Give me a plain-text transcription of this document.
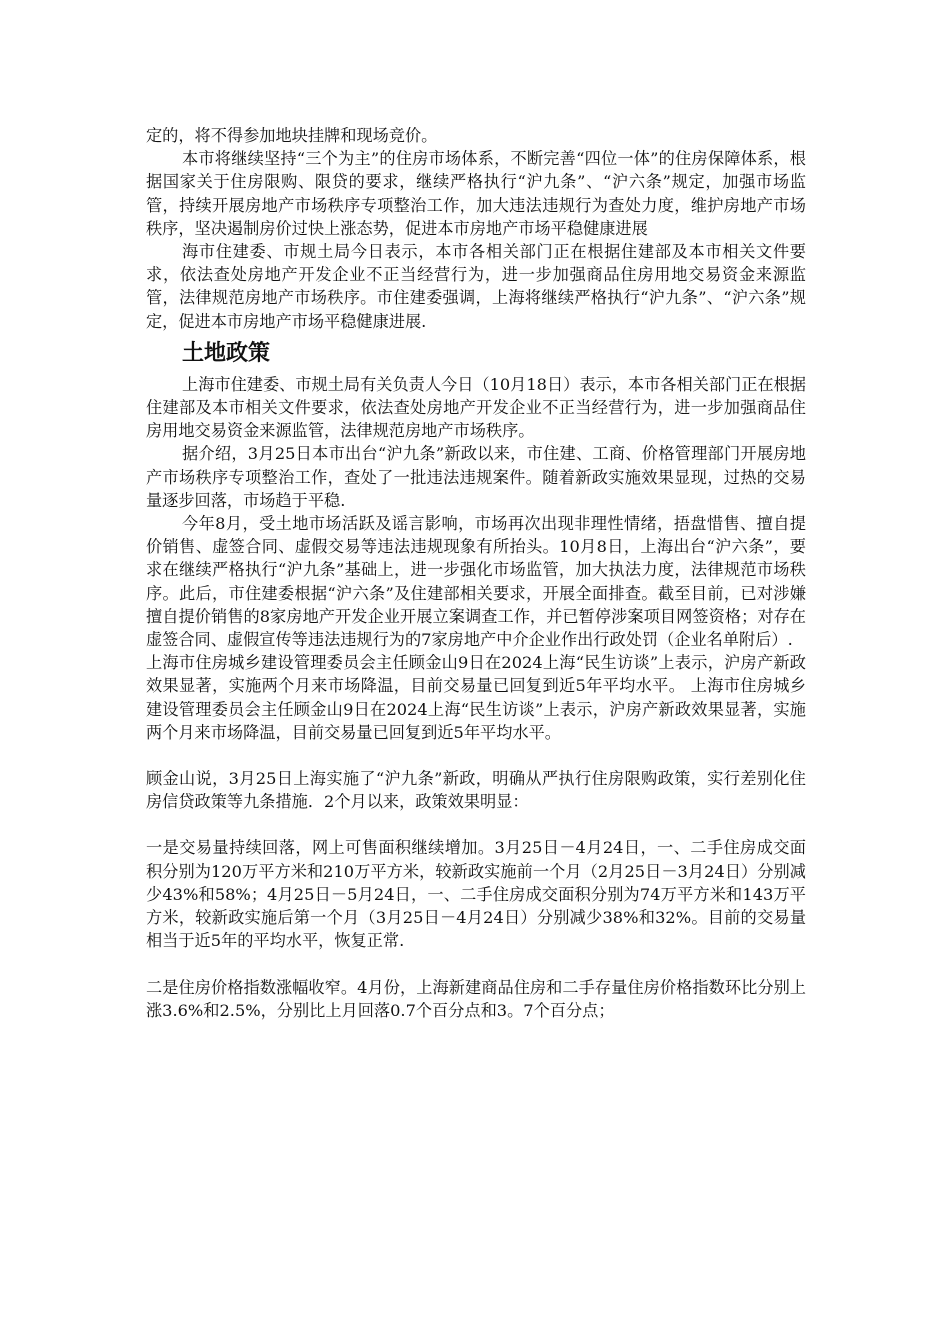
定的，将不得参加地块挂牌和现场竞价。

本市将继续坚持“三个为主”的住房市场体系，不断完善“四位一体”的住房保障体系，根据国家关于住房限购、限贷的要求，继续严格执行“沪九条”、“沪六条”规定，加强市场监管，持续开展房地产市场秩序专项整治工作，加大违法违规行为查处力度，维护房地产市场秩序，坚决遏制房价过快上涨态势，促进本市房地产市场平稳健康进展

海市住建委、市规土局今日表示，本市各相关部门正在根据住建部及本市相关文件要求，依法查处房地产开发企业不正当经营行为，进一步加强商品住房用地交易资金来源监管，法律规范房地产市场秩序。市住建委强调，上海将继续严格执行“沪九条”、“沪六条”规定，促进本市房地产市场平稳健康进展.

土地政策

上海市住建委、市规土局有关负责人今日（10月18日）表示，本市各相关部门正在根据住建部及本市相关文件要求，依法查处房地产开发企业不正当经营行为，进一步加强商品住房用地交易资金来源监管，法律规范房地产市场秩序。

据介绍，3月25日本市出台“沪九条”新政以来，市住建、工商、价格管理部门开展房地产市场秩序专项整治工作，查处了一批违法违规案件。随着新政实施效果显现，过热的交易量逐步回落，市场趋于平稳.

今年8月，受土地市场活跃及谣言影响，市场再次出现非理性情绪，捂盘惜售、擅自提价销售、虚签合同、虚假交易等违法违规现象有所抬头。10月8日，上海出台“沪六条”，要求在继续严格执行“沪九条”基础上，进一步强化市场监管，加大执法力度，法律规范市场秩序。此后，市住建委根据“沪六条”及住建部相关要求，开展全面排查。截至目前，已对涉嫌擅自提价销售的8家房地产开发企业开展立案调查工作，并已暂停涉案项目网签资格；对存在虚签合同、虚假宣传等违法违规行为的7家房地产中介企业作出行政处罚（企业名单附后）.

上海市住房城乡建设管理委员会主任顾金山9日在2024上海“民生访谈”上表示，沪房产新政效果显著，实施两个月来市场降温，目前交易量已回复到近5年平均水平。 上海市住房城乡建设管理委员会主任顾金山9日在2024上海“民生访谈”上表示，沪房产新政效果显著，实施两个月来市场降温，目前交易量已回复到近5年平均水平。

顾金山说，3月25日上海实施了“沪九条”新政，明确从严执行住房限购政策，实行差别化住房信贷政策等九条措施．2个月以来，政策效果明显：

一是交易量持续回落，网上可售面积继续增加。3月25日－4月24日，一、二手住房成交面积分别为120万平方米和210万平方米，较新政实施前一个月（2月25日－3月24日）分别减少43%和58%；4月25日－5月24日，一、二手住房成交面积分别为74万平方米和143万平方米，较新政实施后第一个月（3月25日－4月24日）分别减少38%和32%。目前的交易量相当于近5年的平均水平，恢复正常.

二是住房价格指数涨幅收窄。4月份，上海新建商品住房和二手存量住房价格指数环比分别上涨3.6%和2.5%，分别比上月回落0.7个百分点和3。7个百分点；
